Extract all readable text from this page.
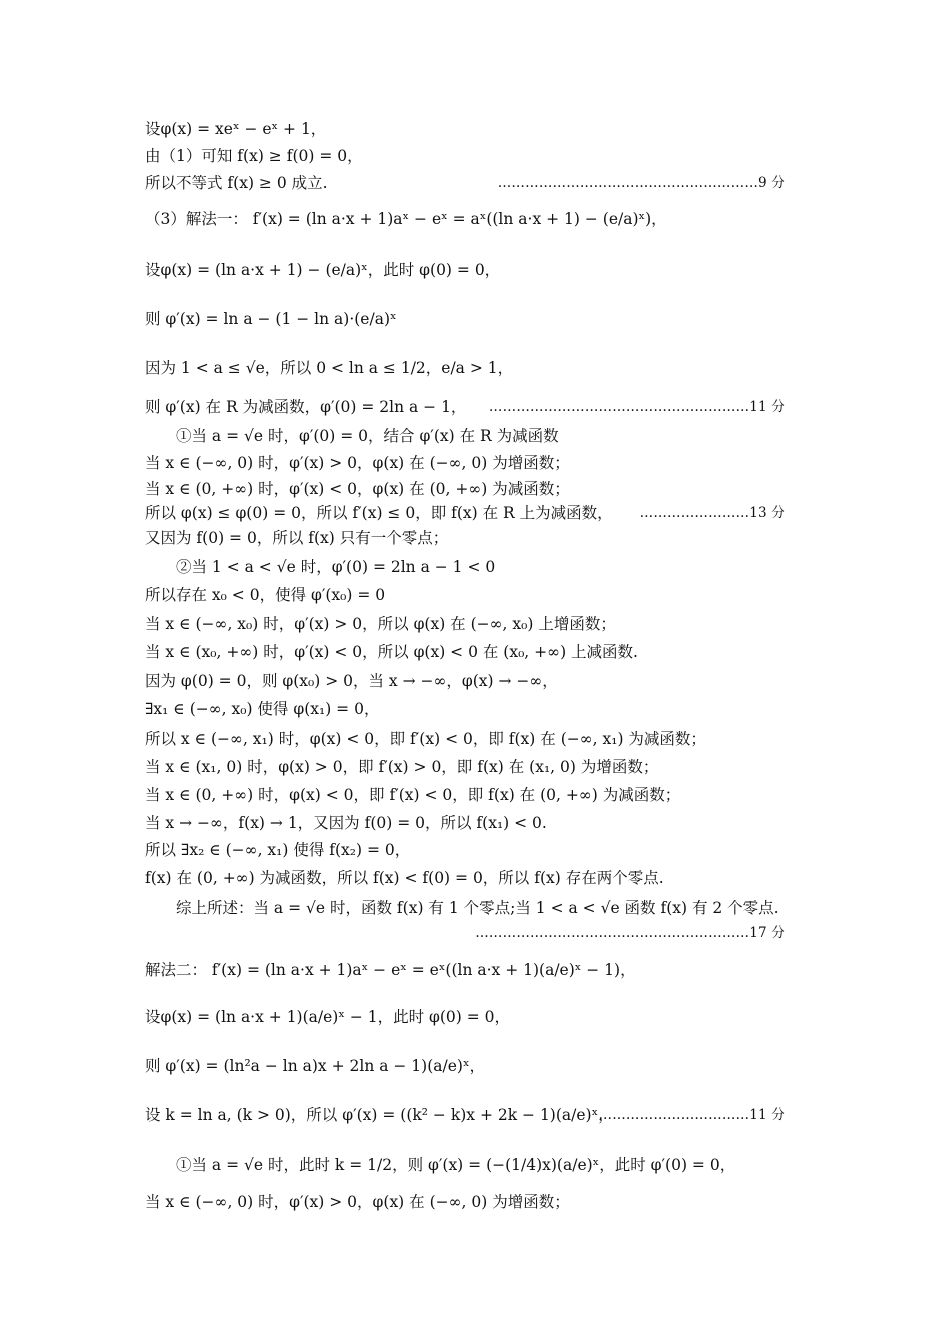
设φ(x) = xeˣ − eˣ + 1，
由（1）可知 f(x) ≥ f(0) = 0，
所以不等式 f(x) ≥ 0 成立.	…………………………………………………9 分
（3）解法一： f′(x) = (ln a·x + 1)aˣ − eˣ = aˣ((ln a·x + 1) − (e/a)ˣ)，
设φ(x) = (ln a·x + 1) − (e/a)ˣ，此时 φ(0) = 0，
则 φ′(x) = ln a − (1 − ln a)·(e/a)ˣ
因为 1 < a ≤ √e，所以 0 < ln a ≤ 1/2，e/a > 1，
则 φ′(x) 在 R 为减函数，φ′(0) = 2ln a − 1， …………………………………………………11 分
①当 a = √e 时，φ′(0) = 0，结合 φ′(x) 在 R 为减函数
当 x ∈ (−∞, 0) 时，φ′(x) > 0，φ(x) 在 (−∞, 0) 为增函数；
当 x ∈ (0, +∞) 时，φ′(x) < 0，φ(x) 在 (0, +∞) 为减函数；
所以 φ(x) ≤ φ(0) = 0，所以 f′(x) ≤ 0，即 f(x) 在 R 上为减函数， ……………………13 分
又因为 f(0) = 0，所以 f(x) 只有一个零点；
②当 1 < a < √e 时，φ′(0) = 2ln a − 1 < 0
所以存在 x₀ < 0，使得 φ′(x₀) = 0
当 x ∈ (−∞, x₀) 时，φ′(x) > 0，所以 φ(x) 在 (−∞, x₀) 上增函数；
当 x ∈ (x₀, +∞) 时，φ′(x) < 0，所以 φ(x) < 0 在 (x₀, +∞) 上减函数.
因为 φ(0) = 0，则 φ(x₀) > 0，当 x → −∞，φ(x) → −∞，
∃x₁ ∈ (−∞, x₀) 使得 φ(x₁) = 0，
所以 x ∈ (−∞, x₁) 时，φ(x) < 0，即 f′(x) < 0，即 f(x) 在 (−∞, x₁) 为减函数；
当 x ∈ (x₁, 0) 时，φ(x) > 0，即 f′(x) > 0，即 f(x) 在 (x₁, 0) 为增函数；
当 x ∈ (0, +∞) 时，φ(x) < 0，即 f′(x) < 0，即 f(x) 在 (0, +∞) 为减函数；
当 x → −∞，f(x) → 1，又因为 f(0) = 0，所以 f(x₁) < 0.
所以 ∃x₂ ∈ (−∞, x₁) 使得 f(x₂) = 0，
f(x) 在 (0, +∞) 为减函数，所以 f(x) < f(0) = 0，所以 f(x) 存在两个零点.
综上所述：当 a = √e 时，函数 f(x) 有 1 个零点;当 1 < a < √e 函数 f(x) 有 2 个零点.
……………………………………………………17 分
解法二： f′(x) = (ln a·x + 1)aˣ − eˣ = eˣ((ln a·x + 1)(a/e)ˣ − 1)，
设φ(x) = (ln a·x + 1)(a/e)ˣ − 1，此时 φ(0) = 0，
则 φ′(x) = (ln²a − ln a)x + 2ln a − 1)(a/e)ˣ，
设 k = ln a, (k > 0)，所以 φ′(x) = ((k² − k)x + 2k − 1)(a/e)ˣ，
……………………………11 分
①当 a = √e 时，此时 k = 1/2，则 φ′(x) = (−(1/4)x)(a/e)ˣ，此时 φ′(0) = 0，
当 x ∈ (−∞, 0) 时，φ′(x) > 0，φ(x) 在 (−∞, 0) 为增函数；
